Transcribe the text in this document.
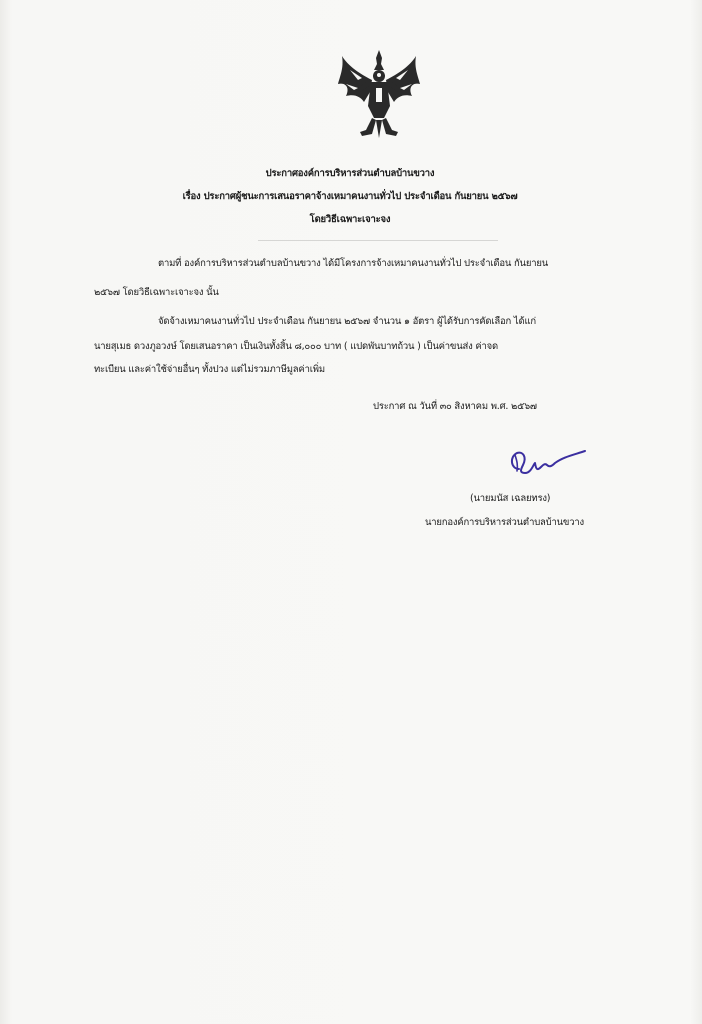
ประกาศองค์การบริหารส่วนตำบลบ้านขวาง
เรื่อง ประกาศผู้ชนะการเสนอราคาจ้างเหมาคนงานทั่วไป ประจำเดือน กันยายน ๒๕๖๗
โดยวิธีเฉพาะเจาะจง
ตามที่ องค์การบริหารส่วนตำบลบ้านขวาง ได้มีโครงการจ้างเหมาคนงานทั่วไป ประจำเดือน กันยายน
๒๕๖๗ โดยวิธีเฉพาะเจาะจง นั้น
จัดจ้างเหมาคนงานทั่วไป ประจำเดือน กันยายน ๒๕๖๗ จำนวน ๑ อัตรา ผู้ได้รับการคัดเลือก ได้แก่
นายสุเมธ ดวงภูอวงษ์ โดยเสนอราคา เป็นเงินทั้งสิ้น ๘,๐๐๐ บาท ( แปดพันบาทถ้วน ) เป็นค่าขนส่ง ค่าจด
ทะเบียน และค่าใช้จ่ายอื่นๆ ทั้งปวง แต่ไม่รวมภาษีมูลค่าเพิ่ม
ประกาศ ณ วันที่ ๓๐ สิงหาคม พ.ศ. ๒๕๖๗
(นายมนัส เฉลยทรง)
นายกองค์การบริหารส่วนตำบลบ้านขวาง
